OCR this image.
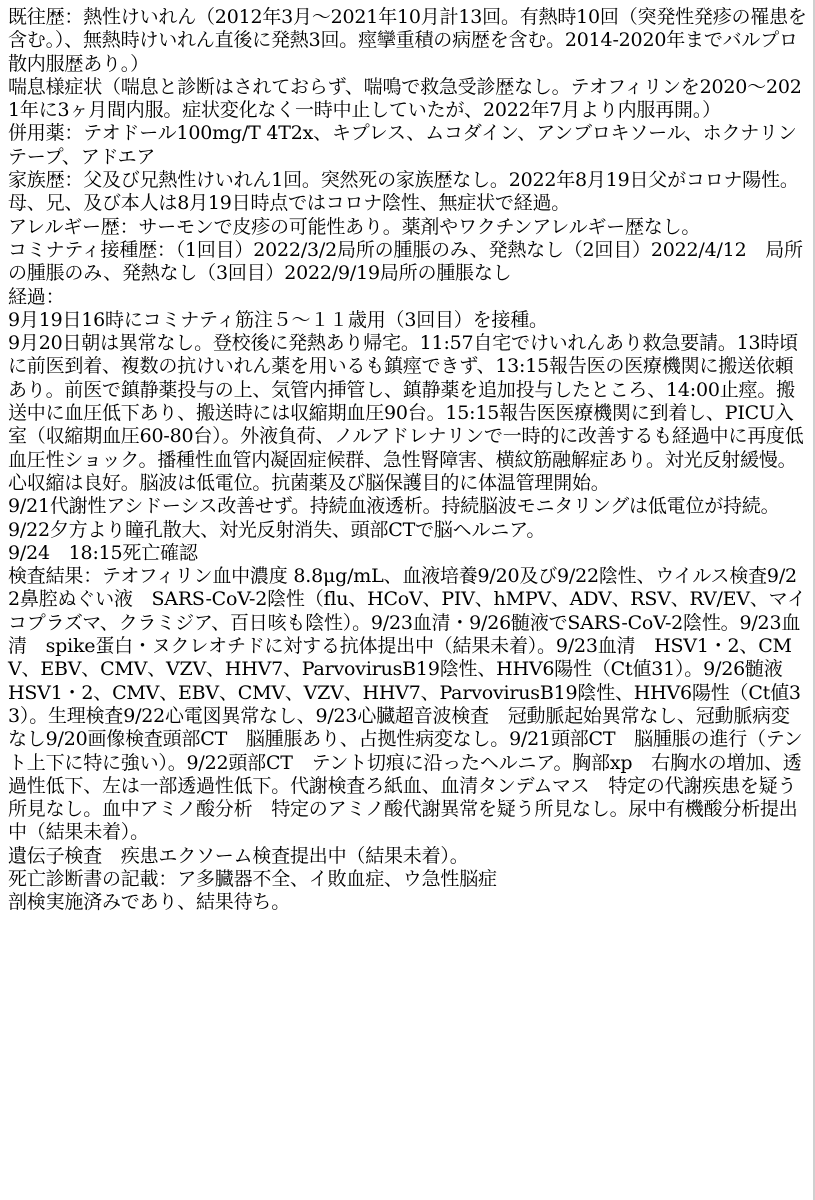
既往歴：熱性けいれん（2012年3月〜2021年10月計13回。有熱時10回（突発性発疹の罹患を含む。）、無熱時けいれん直後に発熱3回。痙攣重積の病歴を含む。2014-2020年までバルプロ散内服歴あり。）

喘息様症状（喘息と診断はされておらず、喘鳴で救急受診歴なし。テオフィリンを2020〜2021年に3ヶ月間内服。症状変化なく一時中止していたが、2022年7月より内服再開。）

併用薬：テオドール100mg/T 4T2x、キプレス、ムコダイン、アンブロキソール、ホクナリンテープ、アドエア

家族歴：父及び兄熱性けいれん1回。突然死の家族歴なし。2022年8月19日父がコロナ陽性。母、兄、及び本人は8月19日時点ではコロナ陰性、無症状で経過。

アレルギー歴：サーモンで皮疹の可能性あり。薬剤やワクチンアレルギー歴なし。

コミナティ接種歴：（1回目）2022/3/2局所の腫脹のみ、発熱なし（2回目）2022/4/12　局所の腫脹のみ、発熱なし（3回目）2022/9/19局所の腫脹なし

経過：

9月19日16時にコミナティ筋注５〜１１歳用（3回目）を接種。

9月20日朝は異常なし。登校後に発熱あり帰宅。11:57自宅でけいれんあり救急要請。13時頃に前医到着、複数の抗けいれん薬を用いるも鎮痙できず、13:15報告医の医療機関に搬送依頼あり。前医で鎮静薬投与の上、気管内挿管し、鎮静薬を追加投与したところ、14:00止痙。搬送中に血圧低下あり、搬送時には収縮期血圧90台。15:15報告医医療機関に到着し、PICU入室（収縮期血圧60-80台）。外液負荷、ノルアドレナリンで一時的に改善するも経過中に再度低血圧性ショック。播種性血管内凝固症候群、急性腎障害、横紋筋融解症あり。対光反射緩慢。心収縮は良好。脳波は低電位。抗菌薬及び脳保護目的に体温管理開始。

9/21代謝性アシドーシス改善せず。持続血液透析。持続脳波モニタリングは低電位が持続。

9/22夕方より瞳孔散大、対光反射消失、頭部CTで脳ヘルニア。

9/24　18:15死亡確認

検査結果：テオフィリン血中濃度 8.8μg/mL、血液培養9/20及び9/22陰性、ウイルス検査9/22鼻腔ぬぐい液　SARS-CoV-2陰性（flu、HCoV、PIV、hMPV、ADV、RSV、RV/EV、マイコプラズマ、クラミジア、百日咳も陰性）。9/23血清・9/26髄液でSARS-CoV-2陰性。9/23血清　spike蛋白・ヌクレオチドに対する抗体提出中（結果未着）。9/23血清　HSV1・2、CMV、EBV、CMV、VZV、HHV7、ParvovirusB19陰性、HHV6陽性（Ct値31）。9/26髄液　HSV1・2、CMV、EBV、CMV、VZV、HHV7、ParvovirusB19陰性、HHV6陽性（Ct値33）。生理検査9/22心電図異常なし、9/23心臓超音波検査　冠動脈起始異常なし、冠動脈病変なし9/20画像検査頭部CT　脳腫脹あり、占拠性病変なし。9/21頭部CT　脳腫脹の進行（テント上下に特に強い）。9/22頭部CT　テント切痕に沿ったヘルニア。胸部xp　右胸水の増加、透過性低下、左は一部透過性低下。代謝検査ろ紙血、血清タンデムマス　特定の代謝疾患を疑う所見なし。血中アミノ酸分析　特定のアミノ酸代謝異常を疑う所見なし。尿中有機酸分析提出中（結果未着）。

遺伝子検査　疾患エクソーム検査提出中（結果未着）。

死亡診断書の記載：ア多臓器不全、イ敗血症、ウ急性脳症

剖検実施済みであり、結果待ち。
